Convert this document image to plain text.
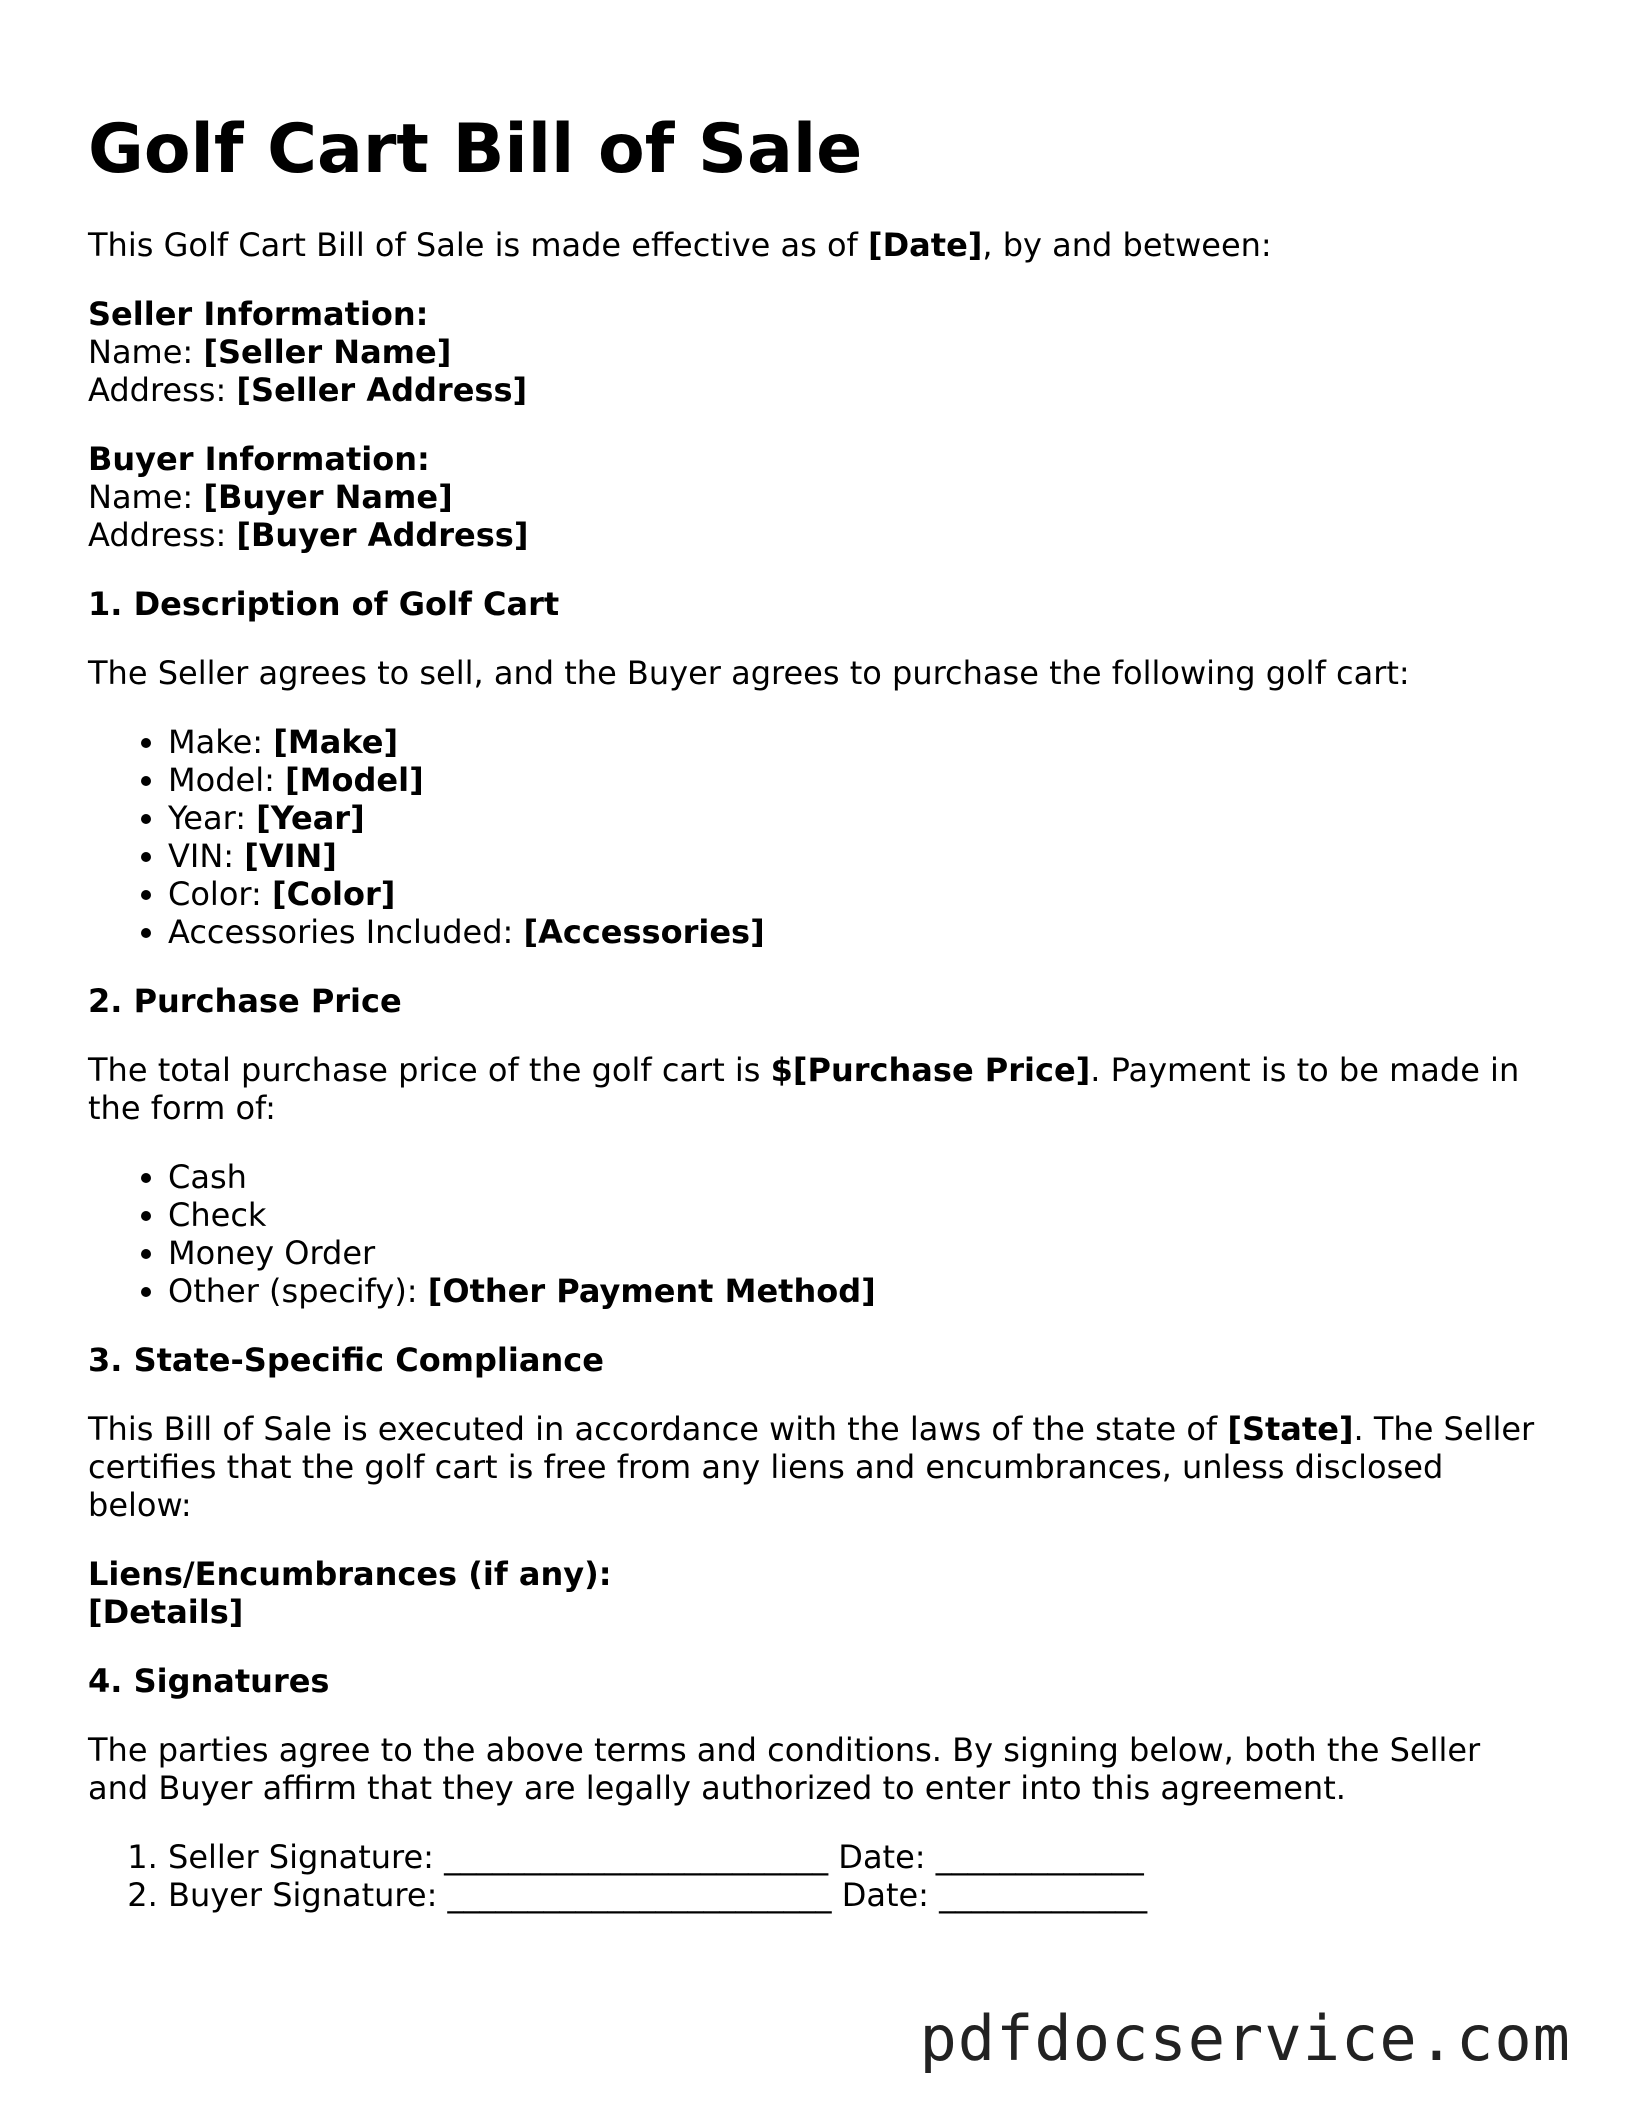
Golf Cart Bill of Sale

This Golf Cart Bill of Sale is made effective as of [Date], by and between:

Seller Information:
Name: [Seller Name]
Address: [Seller Address]
Buyer Information:
Name: [Buyer Name]
Address: [Buyer Address]
1. Description of Golf Cart

The Seller agrees to sell, and the Buyer agrees to purchase the following golf cart:

• Make: [Make]
• Model: [Model]
• Year: [Year]
• VIN: [VIN]
• Color: [Color]
• Accessories Included: [Accessories]
2. Purchase Price

The total purchase price of the golf cart is $[Purchase Price]. Payment is to be made in the form of:

• Cash
• Check
• Money Order
• Other (specify): [Other Payment Method]
3. State-Specific Compliance

This Bill of Sale is executed in accordance with the laws of the state of [State]. The Seller certifies that the golf cart is free from any liens and encumbrances, unless disclosed below:

Liens/Encumbrances (if any):
[Details]
4. Signatures

The parties agree to the above terms and conditions. By signing below, both the Seller and Buyer affirm that they are legally authorized to enter into this agreement.

1. Seller Signature: ________________________ Date: _____________
2. Buyer Signature: ________________________ Date: _____________
pdfdocservice.com
